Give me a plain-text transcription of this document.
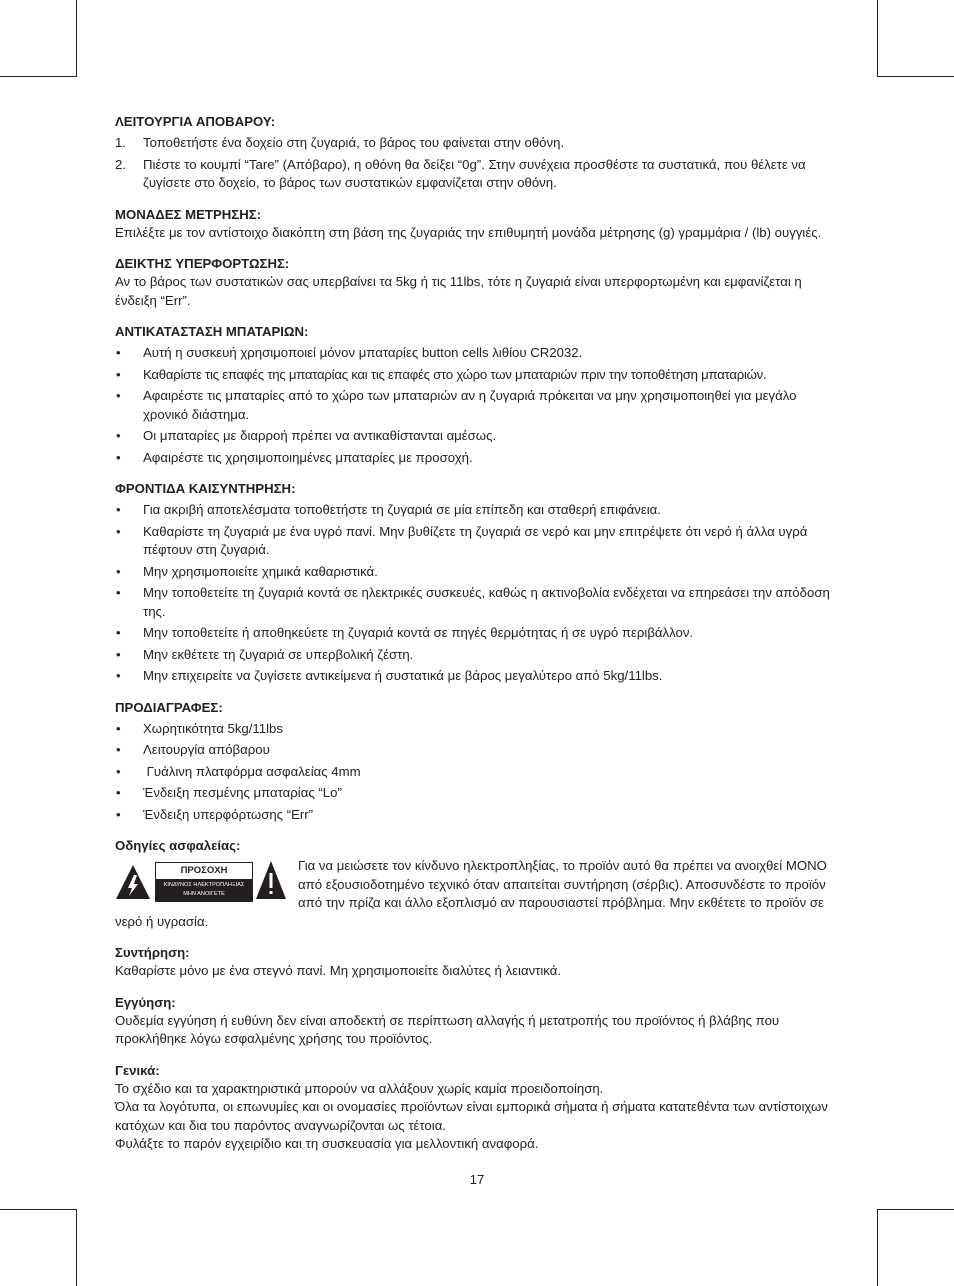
ΛΕΙΤΟΥΡΓΙΑ ΑΠΟΒΑΡΟΥ:
1. Τοποθετήστε ένα δοχείο στη ζυγαριά, το βάρος του φαίνεται στην οθόνη.
2. Πιέστε το κουμπί “Tare” (Απόβαρο), η οθόνη θα δείξει “0g”. Στην συνέχεια προσθέστε τα συστατικά, που θέλετε να ζυγίσετε στο δοχείο, το βάρος των συστατικών εμφανίζεται στην οθόνη.
ΜΟΝΑΔΕΣ ΜΕΤΡΗΣΗΣ:

Επιλέξτε με τον αντίστοιχο διακόπτη στη βάση της ζυγαριάς την επιθυμητή μονάδα μέτρησης (g) γραμμάρια / (lb) ουγγιές.

ΔΕΙΚΤΗΣ ΥΠΕΡΦΟΡΤΩΣΗΣ:

Αν το βάρος των συστατικών σας υπερβαίνει τα 5kg ή τις 11lbs, τότε η ζυγαριά είναι υπερφορτωμένη και εμφανίζεται η ένδειξη “Err”.

ΑΝΤΙΚΑΤΑΣΤΑΣΗ ΜΠΑΤΑΡΙΩΝ:
• Αυτή η συσκευή χρησιμοποιεί μόνον μπαταρίες button cells λιθίου CR2032.
• Καθαρίστε τις επαφές της μπαταρίας και τις επαφές στο χώρο των μπαταριών πριν την τοποθέτηση μπαταριών.
• Αφαιρέστε τις μπαταρίες από το χώρο των μπαταριών αν η ζυγαριά πρόκειται να μην χρησιμοποιηθεί για μεγάλο χρονικό διάστημα.
• Οι μπαταρίες με διαρροή πρέπει να αντικαθίστανται αμέσως.
• Αφαιρέστε τις χρησιμοποιημένες μπαταρίες με προσοχή.
ΦΡΟΝΤΙΔΑ ΚΑΙΣΥΝΤΗΡΗΣΗ:
• Για ακριβή αποτελέσματα τοποθετήστε τη ζυγαριά σε μία επίπεδη και σταθερή επιφάνεια.
• Καθαρίστε τη ζυγαριά με ένα υγρό πανί. Μην βυθίζετε τη ζυγαριά σε νερό και μην επιτρέψετε ότι νερό ή άλλα υγρά πέφτουν στη ζυγαριά.
• Μην χρησιμοποιείτε χημικά καθαριστικά.
• Μην τοποθετείτε τη ζυγαριά κοντά σε ηλεκτρικές συσκευές, καθώς η ακτινοβολία ενδέχεται να επηρεάσει την απόδοση της.
• Μην τοποθετείτε ή αποθηκεύετε τη ζυγαριά κοντά σε πηγές θερμότητας ή σε υγρό περιβάλλον.
• Μην εκθέτετε τη ζυγαριά σε υπερβολική ζέστη.
• Μην επιχειρείτε να ζυγίσετε αντικείμενα ή συστατικά με βάρος μεγαλύτερο από 5kg/11lbs.
ΠΡΟΔΙΑΓΡΑΦΕΣ:
• Χωρητικότητα 5kg/11lbs
• Λειτουργία απόβαρου
• Γυάλινη πλατφόρμα ασφαλείας 4mm
• Ένδειξη πεσμένης μπαταρίας “Lo”
• Ένδειξη υπερφόρτωσης “Err”
Οδηγίες ασφαλείας:
ΠΡΟΣΟΧΗ
ΚΙΝΔΥΝΟΣ ΗΛΕΚΤΡΟΠΛΗΞΙΑΣ
ΜΗΝ ΑΝΟΙΓΕΤΕ

Για να μειώσετε τον κίνδυνο ηλεκτροπληξίας, το προϊόν αυτό θα πρέπει να ανοιχθεί ΜΟΝΟ από εξουσιοδοτημένο τεχνικό όταν απαιτείται συντήρηση (σέρβις). Αποσυνδέστε το προϊόν από την πρίζα και άλλο εξοπλισμό αν παρουσιαστεί πρόβλημα. Μην εκθέτετε το προϊόν σε νερό ή υγρασία.

Συντήρηση:

Καθαρίστε μόνο με ένα στεγνό πανί. Μη χρησιμοποιείτε διαλύτες ή λειαντικά.

Εγγύηση:

Ουδεμία εγγύηση ή ευθύνη δεν είναι αποδεκτή σε περίπτωση αλλαγής ή μετατροπής του προϊόντος ή βλάβης που προκλήθηκε λόγω εσφαλμένης χρήσης του προϊόντος.

Γενικά:

Το σχέδιο και τα χαρακτηριστικά μπορούν να αλλάξουν χωρίς καμία προειδοποίηση.

Όλα τα λογότυπα, οι επωνυμίες και οι ονομασίες προϊόντων είναι εμπορικά σήματα ή σήματα κατατεθέντα των αντίστοιχων κατόχων και δια του παρόντος αναγνωρίζονται ως τέτοια.

Φυλάξτε το παρόν εγχειρίδιο και τη συσκευασία για μελλοντική αναφορά.

17
